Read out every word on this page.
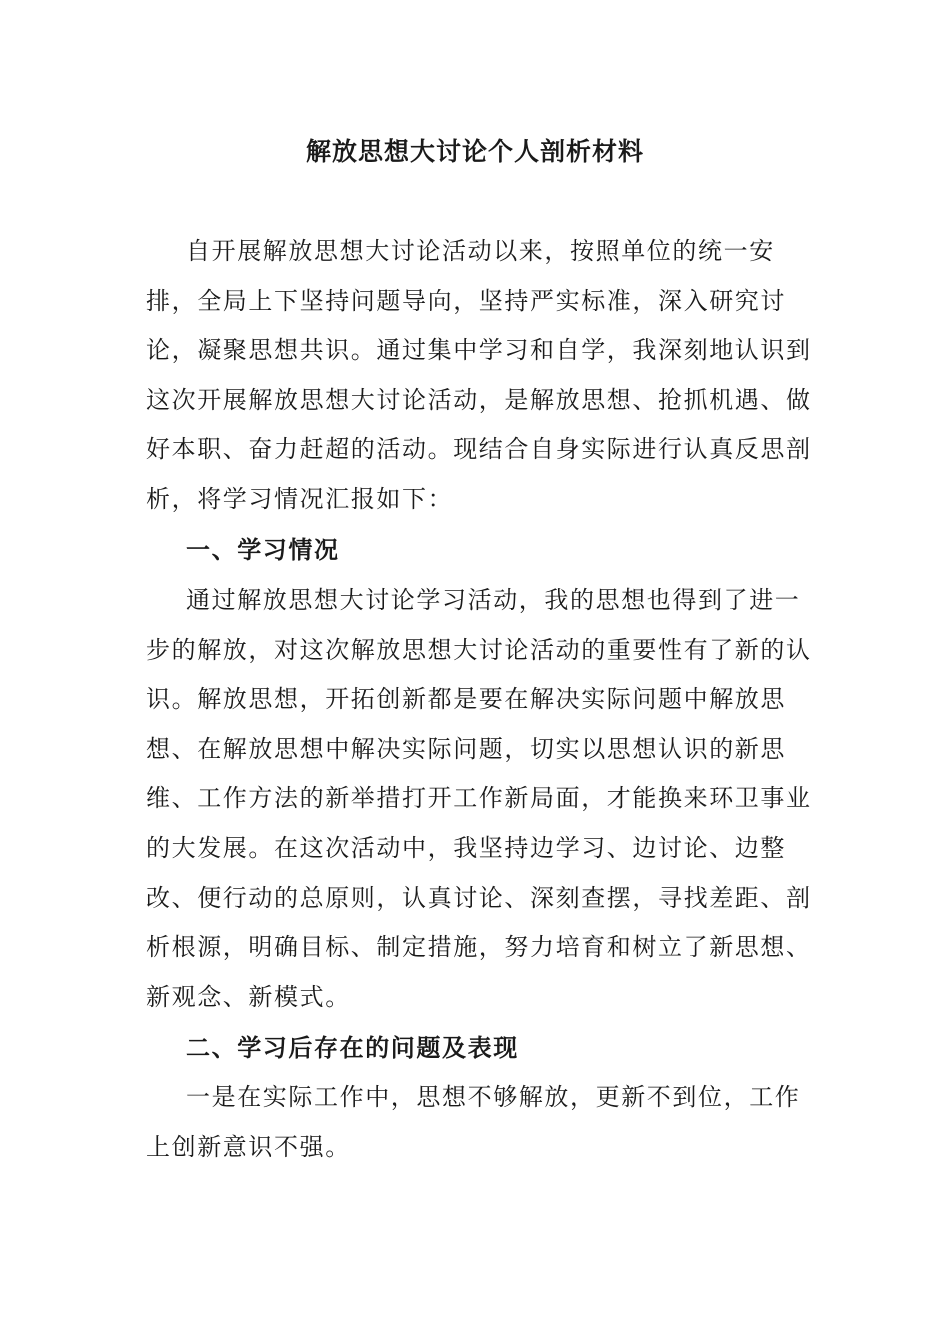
解放思想大讨论个人剖析材料

自开展解放思想大讨论活动以来，按照单位的统一安排，全局上下坚持问题导向，坚持严实标准，深入研究讨论，凝聚思想共识。通过集中学习和自学，我深刻地认识到这次开展解放思想大讨论活动，是解放思想、抢抓机遇、做好本职、奋力赶超的活动。现结合自身实际进行认真反思剖析，将学习情况汇报如下：

一、学习情况

通过解放思想大讨论学习活动，我的思想也得到了进一步的解放，对这次解放思想大讨论活动的重要性有了新的认识。解放思想，开拓创新都是要在解决实际问题中解放思想、在解放思想中解决实际问题，切实以思想认识的新思维、工作方法的新举措打开工作新局面，才能换来环卫事业的大发展。在这次活动中，我坚持边学习、边讨论、边整改、便行动的总原则，认真讨论、深刻查摆，寻找差距、剖析根源，明确目标、制定措施，努力培育和树立了新思想、新观念、新模式。

二、学习后存在的问题及表现

一是在实际工作中，思想不够解放，更新不到位，工作上创新意识不强。
